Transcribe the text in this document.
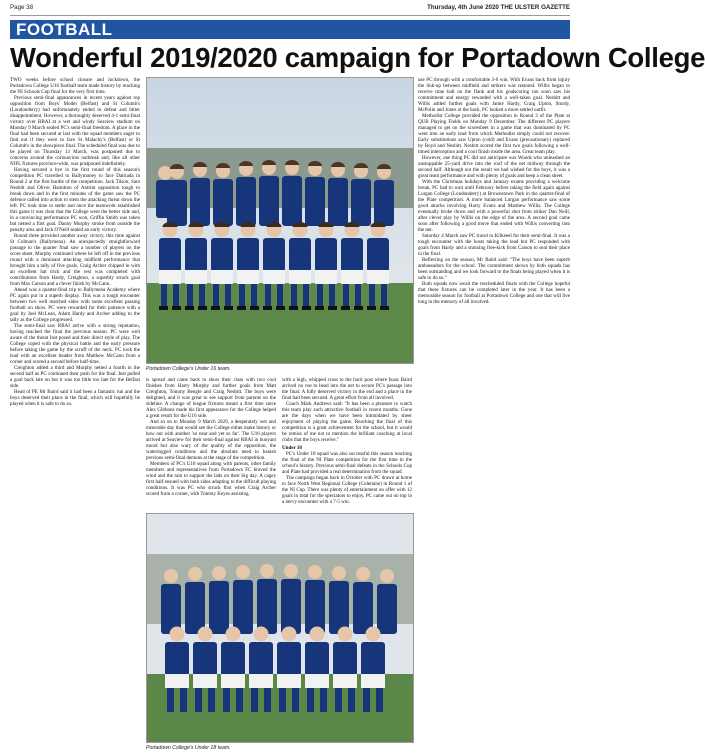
Page 38	Thursday, 4th June 2020 THE ULSTER GAZETTE
FOOTBALL
Wonderful 2019/2020 campaign for Portadown College

TWO weeks before school closure and lockdown, the Portadown College U16 football team made history by reaching the NI Schools Cup final for the very first time.

Previous semi-final appearances in recent years against top opposition from Boys' Model (Belfast) and St Columb's (Londonderry) had unfortunately ended in defeat and bitter disappointment. However, a thoroughly deserved 4-1 semi-final victory over RBAI at a wet and windy Seaview stadium on Monday 9 March sealed PC's semi-final freedom. A place in the final had been secured at last with the squad members eager to find out if they were to face St Malachy's (Belfast) or St Columb's in the showpiece final. The scheduled final was due to be played on Thursday 13 March, was postponed due to concerns around the coronavirus outbreak and, like all other NIFL fixtures province-wide, was postponed indefinitely.

Having secured a bye in the first round of this season's competition PC travelled to Ballymoney to face Dalriada in Round 2 at the first hurdle of the competition. Jack Tilson, Sam Nesbitt and Oliver Hamilton of Antrim opposition tough to break down and in the first minutes of the game saw the PC defence called into action to stem the attacking threat down the left. PC took time to settle and once the teamwork established this game it was clear that the College were the better side and, in a convincing performance PC won, Griffin Smith was taken but netted a first goal. Danny Murphy stroke from outside the penalty area and Jack O'Neill sealed an early victory.

Round three provided another away victory, this time against St Colman's (Ballymena). An unexpectedly straightforward passage to the quarter final saw a number of players on the score sheet. Murphy continued where he left off in the previous round with a dominant attacking midfield performance that brought him a tally of five goals, Craig Archer chipped in with an excellent hat trick and the rest was completed with contributions from Hardy, Creighton, a superbly struck goal from Max Carson and a clever finish by McCann.

Ahead was a quarter-final trip to Ballymena Academy where PC again put in a superb display. This was a tough encounter between two well matched sides with some excellent passing football on show. PC were rewarded for their patience with a goal by Joel McLean, Adam Hardy and Archer adding to the tally as the College progressed.

The semi-final saw RBAI arrive with a strong reputation, having reached the final the previous season. PC were well aware of the threat Inst posed and their direct style of play. The College coped with the physical battle and the early pressure before taking the game by the scruff of the neck. PC took the lead with an excellent header from Matthew McCann from a corner and scored a second before half-time.

Creighton added a third and Murphy netted a fourth in the second half as PC continued their push for the final. Inst pulled a goal back late on but it was too little too late for the Belfast side.

Head of PE Mr Baird said it had been a fantastic run and the boys deserved their place in the final, which will hopefully be played when it is safe to do so.

Portadown College's Under 16 team.

is spread and came back to show their class with two cool finishes from Harry Murphy and further goals from Matt Creighton, Tommy Bengle and Craig Nesbitt. The boys were delighted, and it was great to see support from parents on the sideline. A change of league fixtures meant a first time since Alex Gibbons made his first appearance for the College helped a great result for the U16 side.

And so on to Monday 9 March 2020, a desperately wet and miserable day that would see the College either make history or bow out with another 'so near and yet so far'. The U16 players arrived at Seaview for their semi-final against RBAI in buoyant mood but also wary of the quality of the opposition, the waterlogged conditions and the absolute need to banish previous semi-final demons at the stage of the competition.

Members of PC's U18 squad along with parents, other family members and representatives from Portadown FC braved the wind and the rain to support the lads on their big day. A cagey first half ensued with both sides adapting to the difficult playing conditions. It was PC who struck first when Craig Archer scored from a corner, with Tommy Keyes assisting.

with a high, whipped cross to the back post where Isaac Baird arrived on cue to head into the net to secure PC's passage into the final. A fully deserved victory in the end and a place in the final had been secured. A great effort from all involved.

Coach Mark Andrews said: "It has been a pleasure to watch this team play such attractive football in recent months. Gone are the days when we have been intimidated by sheer enjoyment of playing the game. Reaching the final of this competition is a great achievement for the school, but it would be remiss of me not to mention the brilliant coaching at local clubs that the boys receive."

Under 18

PC's Under 18 squad was also successful this season reaching the final of the NI Plate competition for the first time in the school's history. Previous semi-final defeats in the Schools Cup and Plate had provided a real determination from the squad.

The campaign began back in October with PC drawn at home to face North West Regional College (Coleraine) in Round 1 of the NI Cup. There was plenty of entertainment on offer with 12 goals in total for the spectators to enjoy. PC came out on top in a nervy encounter with a 7-5 win.

Portadown College's Under 18 team.

use PC through with a comfortable 3-0 win. With Evans back from injury the link-up between midfield and strikers was restored. Willis began to receive time ball on the flank and his goalscoring run soon saw his commitment and energy rewarded with a well-taken goal. Nesbitt and Willis added further goals with Jamie Hardy, Craig Upton, Sturdy, McPolin and Jones at the back, PC looked a more settled outfit.

Methodist College provided the opposition in Round 3 of the Plate at QUB Playing Fields on Monday 9 December. The different PC players managed to get on the scoresheet in a game that was dominated by PC went into an early lead from which Methodist simply could not recover. Early substitutions saw Upton (cold) and Evans (precautionary) replaced by Boyd and Nesbitt. Nesbitt scored the first two goals following a well-timed interception and a cool finish inside the area. Great team play.

However, one thing PC did not anticipate was Woods who unleashed an unstoppable 25-yard drive into the roof of the net midway through the second half. Although not the result we had wished for the boys, it was a great team performance and with plenty of goals and keep a clean sheet.

With the Christmas holidays and January exams providing a welcome break, PC had to wait until February before taking the field again against Lurgan College (Londonderry) at Brownstown Park in the quarter-final of the Plate competition. A more balanced Lurgan performance saw some good attacks involving Harry Evans and Matthew Willis. The College eventually broke down and with a powerful shot from striker Dan Neill, after clever play by Willis on the edge of the area. A second goal came soon after following a good move that ended with Willis converting into the net.

Saturday 4 March saw PC travel to Kilkeeel for their semi-final. It was a tough encounter with the hosts taking the lead but PC responded with goals from Hardy and a stunning free-kick from Carson to seal their place in the final.

Reflecting on the season, Mr Baird said: "The boys have been superb ambassadors for the school. The commitment shown by both squads has been outstanding and we look forward to the finals being played when it is safe to do so."

Both squads now await the rescheduled finals with the College hopeful that these fixtures can be completed later in the year. It has been a memorable season for football at Portadown College and one that will live long in the memory of all involved.
